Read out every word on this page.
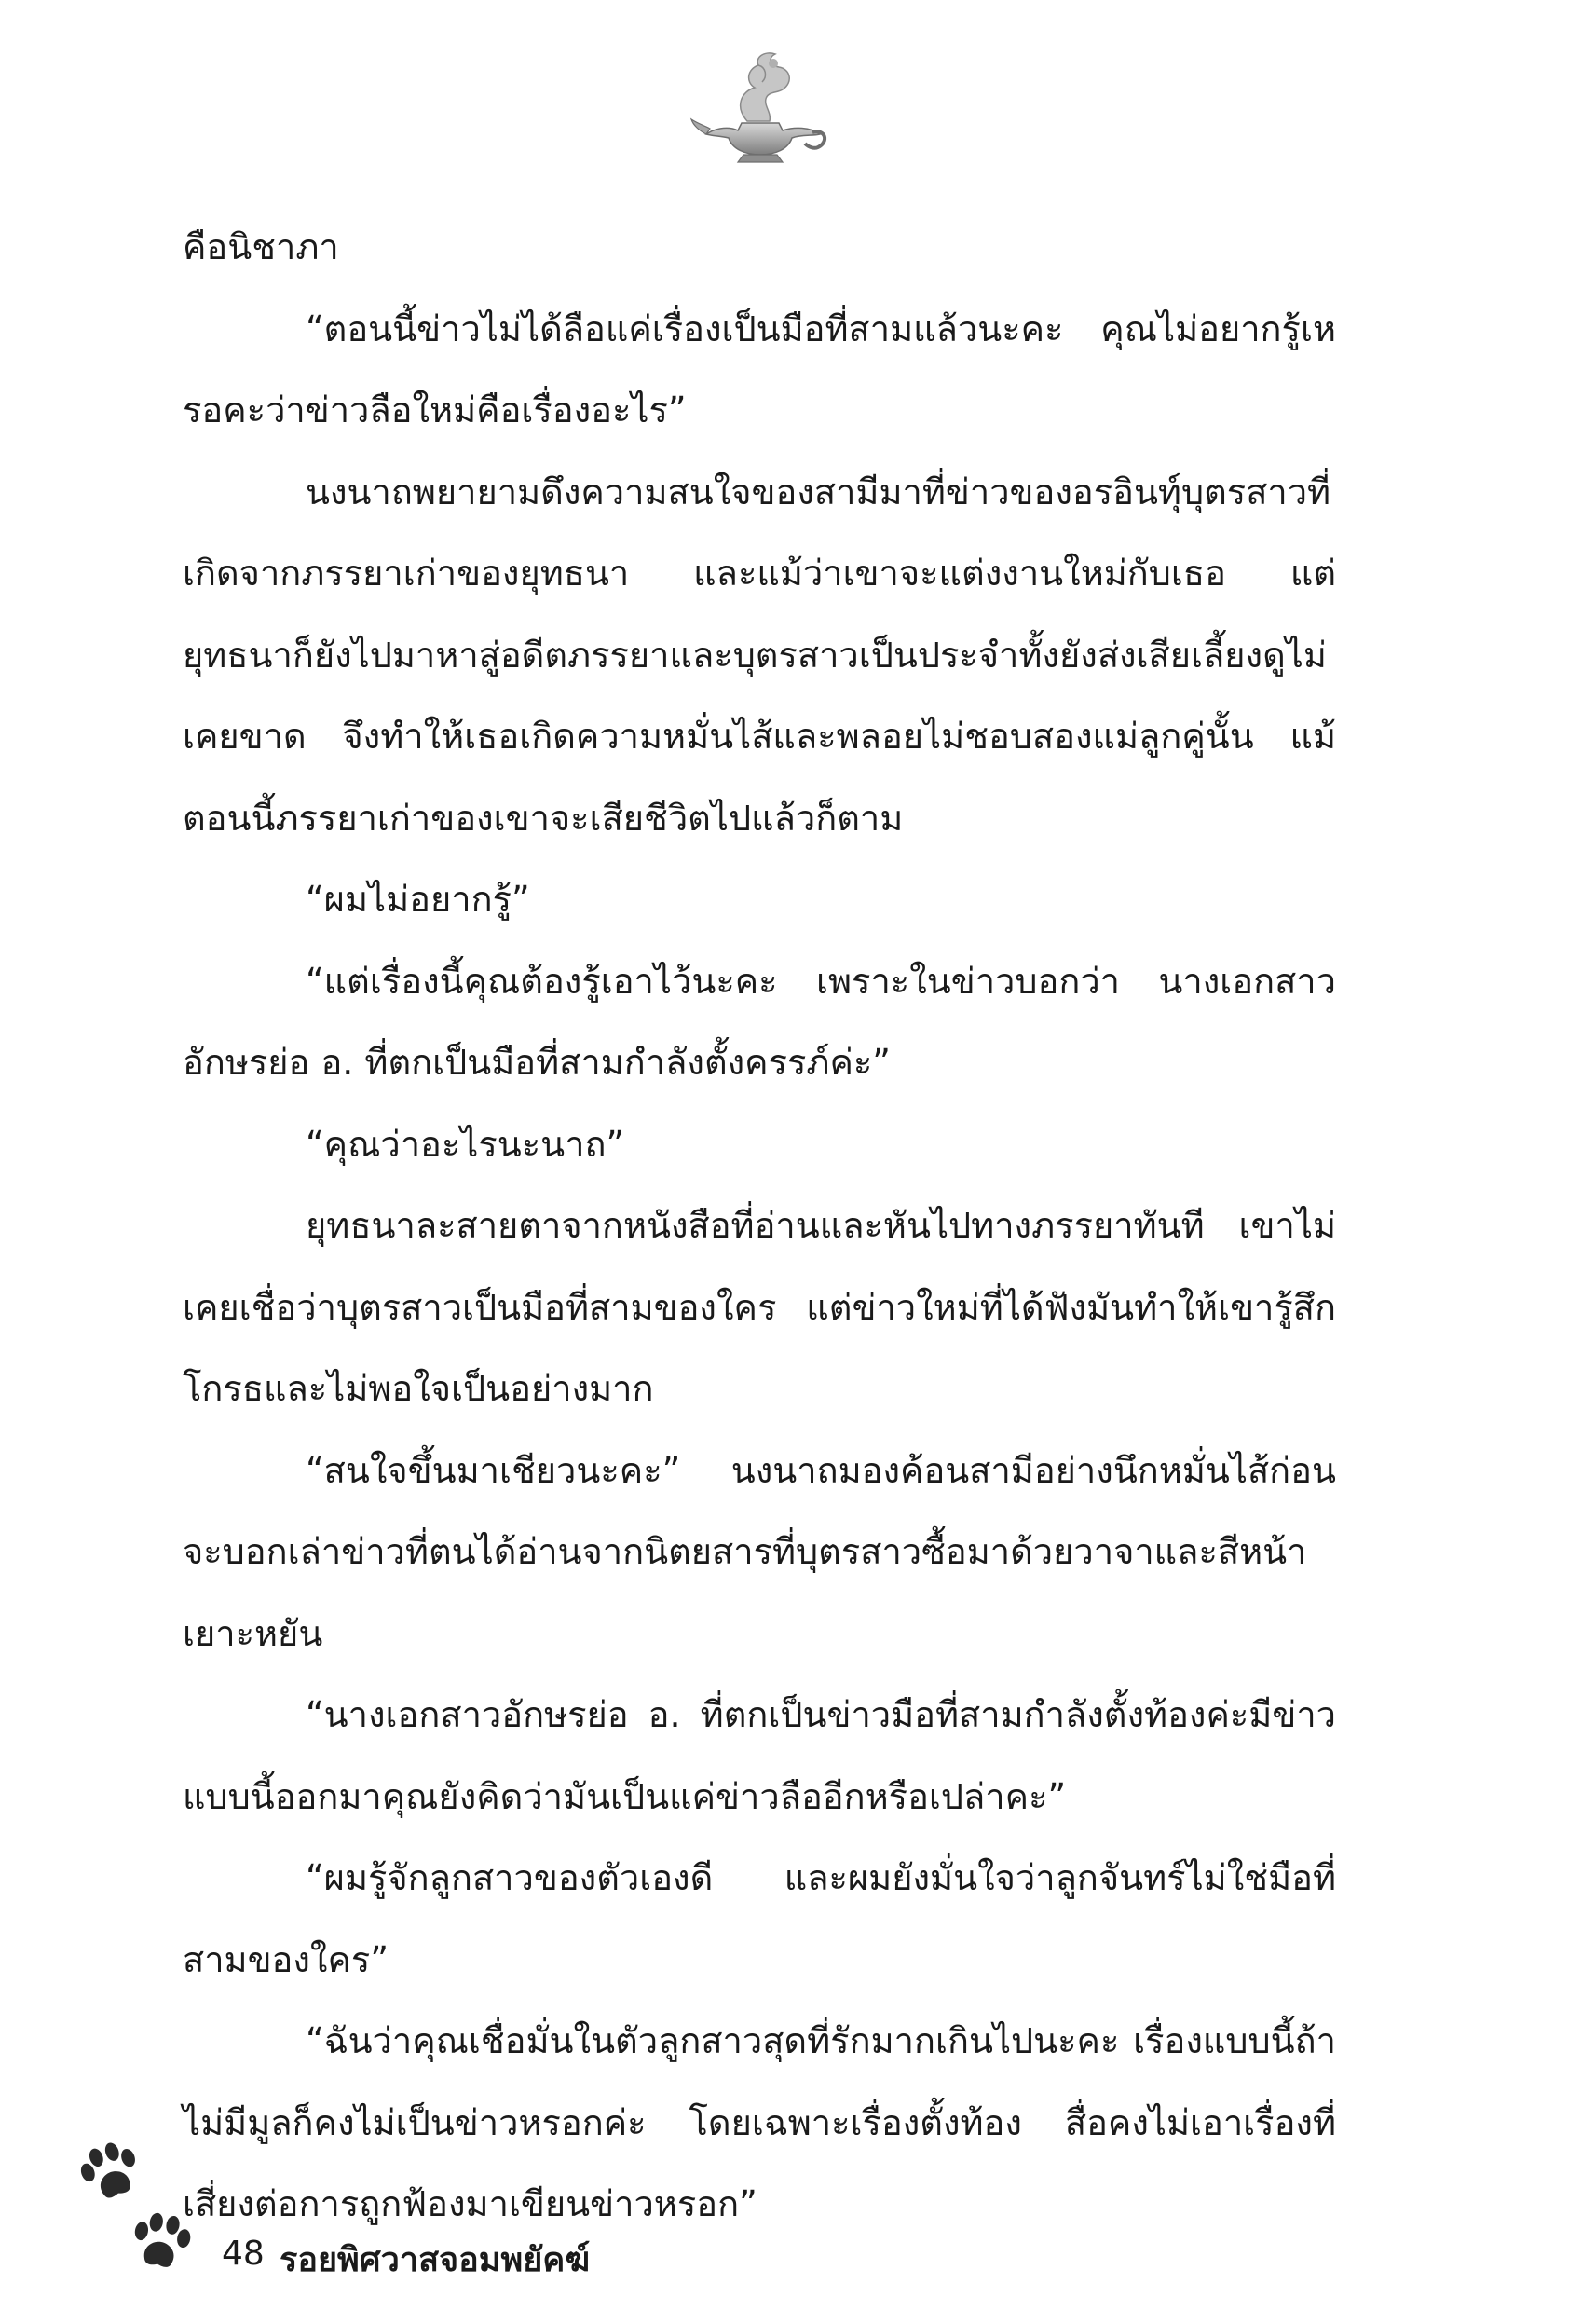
คือนิชาภา

“ตอนนี้ข่าวไม่ได้ลือแค่เรื่องเป็นมือที่สามแล้วนะคะ คุณไม่อยากรู้เหรอคะว่าข่าวลือใหม่คือเรื่องอะไร”

นงนาถพยายามดึงความสนใจของสามีมาที่ข่าวของอรอินทุ์บุตรสาวที่เกิดจากภรรยาเก่าของยุทธนา และแม้ว่าเขาจะแต่งงานใหม่กับเธอ แต่ยุทธนาก็ยังไปมาหาสู่อดีตภรรยาและบุตรสาวเป็นประจำทั้งยังส่งเสียเลี้ยงดูไม่เคยขาด จึงทำให้เธอเกิดความหมั่นไส้และพลอยไม่ชอบสองแม่ลูกคู่นั้น แม้ตอนนี้ภรรยาเก่าของเขาจะเสียชีวิตไปแล้วก็ตาม

“ผมไม่อยากรู้”

“แต่เรื่องนี้คุณต้องรู้เอาไว้นะคะ เพราะในข่าวบอกว่า นางเอกสาวอักษรย่อ อ. ที่ตกเป็นมือที่สามกำลังตั้งครรภ์ค่ะ”

“คุณว่าอะไรนะนาถ”

ยุทธนาละสายตาจากหนังสือที่อ่านและหันไปทางภรรยาทันที เขาไม่เคยเชื่อว่าบุตรสาวเป็นมือที่สามของใคร แต่ข่าวใหม่ที่ได้ฟังมันทำให้เขารู้สึกโกรธและไม่พอใจเป็นอย่างมาก

“สนใจขึ้นมาเชียวนะคะ” นงนาถมองค้อนสามีอย่างนึกหมั่นไส้ก่อนจะบอกเล่าข่าวที่ตนได้อ่านจากนิตยสารที่บุตรสาวซื้อมาด้วยวาจาและสีหน้าเยาะหยัน

“นางเอกสาวอักษรย่อ อ. ที่ตกเป็นข่าวมือที่สามกำลังตั้งท้องค่ะมีข่าวแบบนี้ออกมาคุณยังคิดว่ามันเป็นแค่ข่าวลืออีกหรือเปล่าคะ”

“ผมรู้จักลูกสาวของตัวเองดี และผมยังมั่นใจว่าลูกจันทร์ไม่ใช่มือที่สามของใคร”

“ฉันว่าคุณเชื่อมั่นในตัวลูกสาวสุดที่รักมากเกินไปนะคะ เรื่องแบบนี้ถ้าไม่มีมูลก็คงไม่เป็นข่าวหรอกค่ะ โดยเฉพาะเรื่องตั้งท้อง สื่อคงไม่เอาเรื่องที่เสี่ยงต่อการถูกฟ้องมาเขียนข่าวหรอก”

48 รอยพิศวาสจอมพยัคฆ์
